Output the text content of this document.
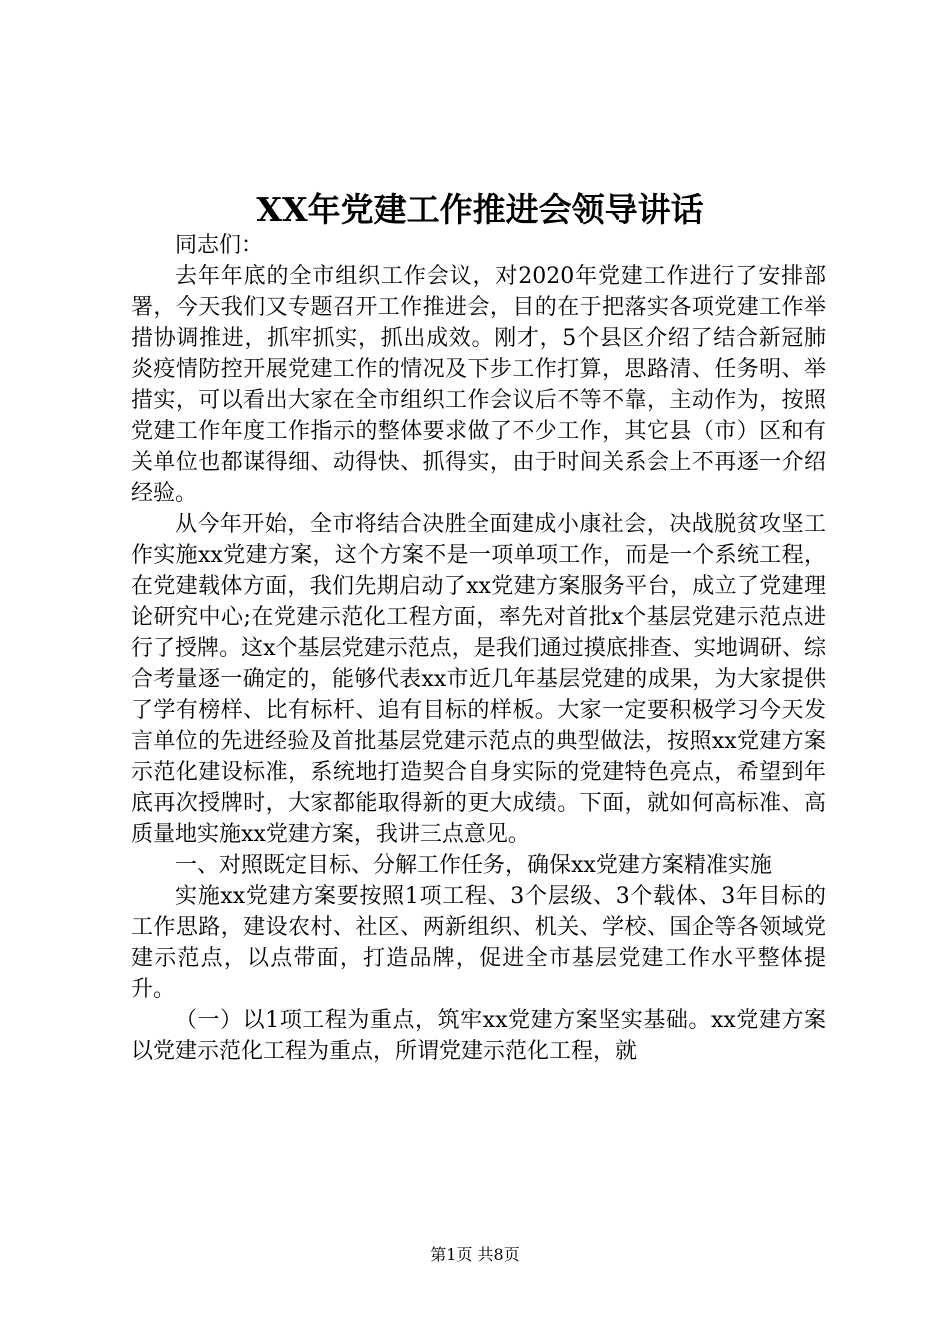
XX年党建工作推进会领导讲话

同志们：

去年年底的全市组织工作会议，对2020年党建工作进行了安排部署，今天我们又专题召开工作推进会，目的在于把落实各项党建工作举措协调推进，抓牢抓实，抓出成效。刚才，5个县区介绍了结合新冠肺炎疫情防控开展党建工作的情况及下步工作打算，思路清、任务明、举措实，可以看出大家在全市组织工作会议后不等不靠，主动作为，按照党建工作年度工作指示的整体要求做了不少工作，其它县（市）区和有关单位也都谋得细、动得快、抓得实，由于时间关系会上不再逐一介绍经验。

从今年开始，全市将结合决胜全面建成小康社会，决战脱贫攻坚工作实施xx党建方案，这个方案不是一项单项工作，而是一个系统工程，在党建载体方面，我们先期启动了xx党建方案服务平台，成立了党建理论研究中心;在党建示范化工程方面，率先对首批x个基层党建示范点进行了授牌。这x个基层党建示范点，是我们通过摸底排查、实地调研、综合考量逐一确定的，能够代表xx市近几年基层党建的成果，为大家提供了学有榜样、比有标杆、追有目标的样板。大家一定要积极学习今天发言单位的先进经验及首批基层党建示范点的典型做法，按照xx党建方案示范化建设标准，系统地打造契合自身实际的党建特色亮点，希望到年底再次授牌时，大家都能取得新的更大成绩。下面，就如何高标准、高质量地实施xx党建方案，我讲三点意见。

一、对照既定目标、分解工作任务，确保xx党建方案精准实施

实施xx党建方案要按照1项工程、3个层级、3个载体、3年目标的工作思路，建设农村、社区、两新组织、机关、学校、国企等各领域党建示范点，以点带面，打造品牌，促进全市基层党建工作水平整体提升。

（一）以1项工程为重点，筑牢xx党建方案坚实基础。xx党建方案以党建示范化工程为重点，所谓党建示范化工程，就

第1页 共8页
